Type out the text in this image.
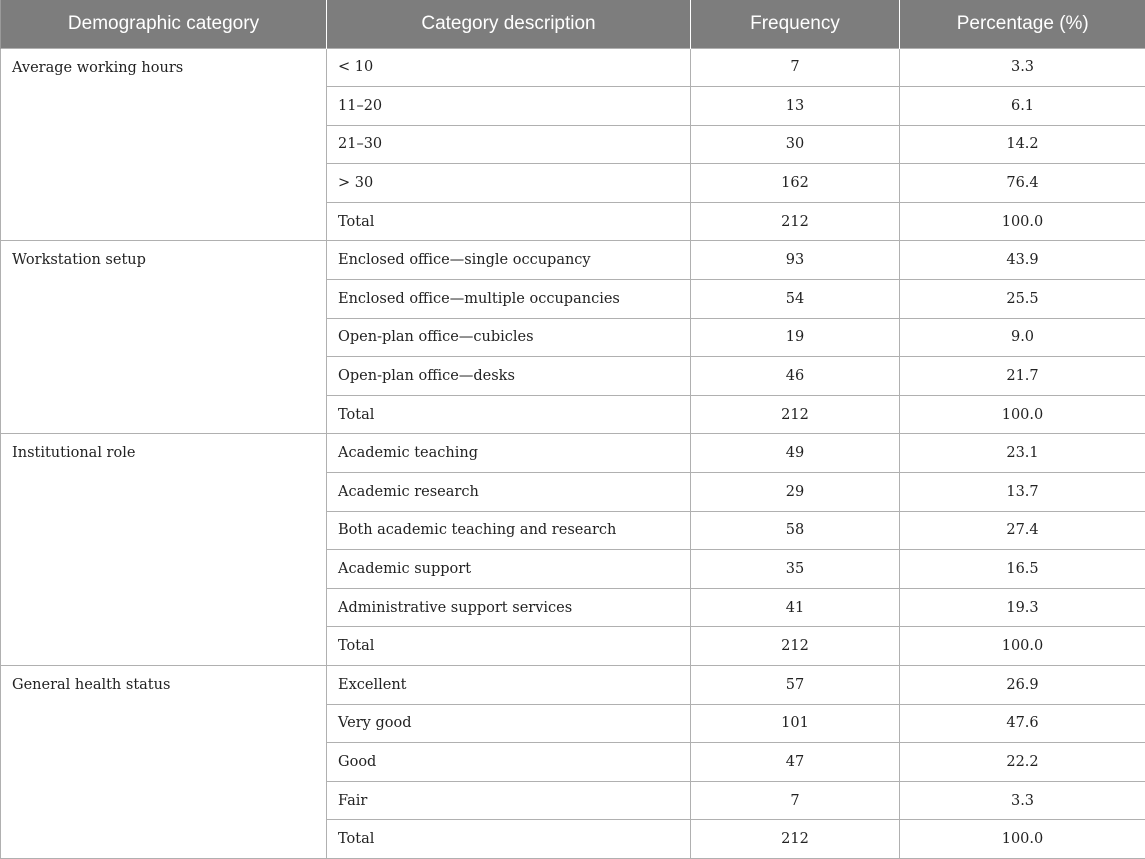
Demographic category	Category description	Frequency	Percentage (%)
Average working hours	< 10	7	3.3
	11–20	13	6.1
	21–30	30	14.2
	> 30	162	76.4
	Total	212	100.0
Workstation setup	Enclosed office—single occupancy	93	43.9
	Enclosed office—multiple occupancies	54	25.5
	Open-plan office—cubicles	19	9.0
	Open-plan office—desks	46	21.7
	Total	212	100.0
Institutional role	Academic teaching	49	23.1
	Academic research	29	13.7
	Both academic teaching and research	58	27.4
	Academic support	35	16.5
	Administrative support services	41	19.3
	Total	212	100.0
General health status	Excellent	57	26.9
	Very good	101	47.6
	Good	47	22.2
	Fair	7	3.3
	Total	212	100.0
